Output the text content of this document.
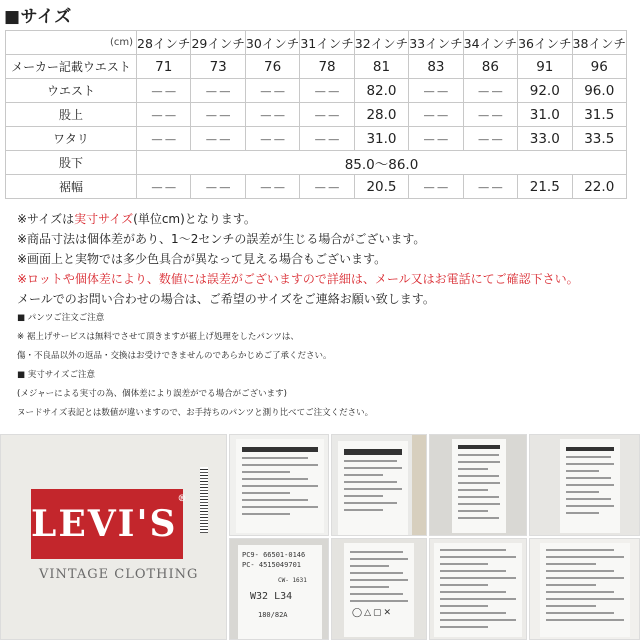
■サイズ
(cm)	28インチ	29インチ	30インチ	31インチ	32インチ	33インチ	34インチ	36インチ	38インチ
メーカー記載ウエスト	71	73	76	78	81	83	86	91	96
ウエスト	－－	－－	－－	－－	82.0	－－	－－	92.0	96.0
股上	－－	－－	－－	－－	28.0	－－	－－	31.0	31.5
ワタリ	－－	－－	－－	－－	31.0	－－	－－	33.0	33.5
股下	85.0～86.0								
裾幅	－－	－－	－－	－－	20.5	－－	－－	21.5	22.0
※サイズは実寸サイズ(単位cm)となります。
※商品寸法は個体差があり、1～2センチの誤差が生じる場合がございます。
※画面上と実物では多少色具合が異なって見える場合もございます。
※ロットや個体差により、数値には誤差がございますので詳細は、メール又はお電話にてご確認下さい。
メールでのお問い合わせの場合は、ご希望のサイズをご連絡お願い致します。
■ パンツご注文ご注意
※ 裾上げサービスは無料でさせて頂きますが裾上げ処理をしたパンツは、
傷・不良品以外の返品・交換はお受けできませんのであらかじめご了承ください。
■ 実寸サイズご注意
(メジャーによる実寸の為、個体差により誤差がでる場合がございます)
ヌードサイズ表記とは数値が違いますので、お手持ちのパンツと測り比べてご注文ください。
LEVI'S®
VINTAGE CLOTHING
PC9- 66501-0146
PC- 4515049701
CW- 1631
W32 L34
180/82A	◯△▢✕
